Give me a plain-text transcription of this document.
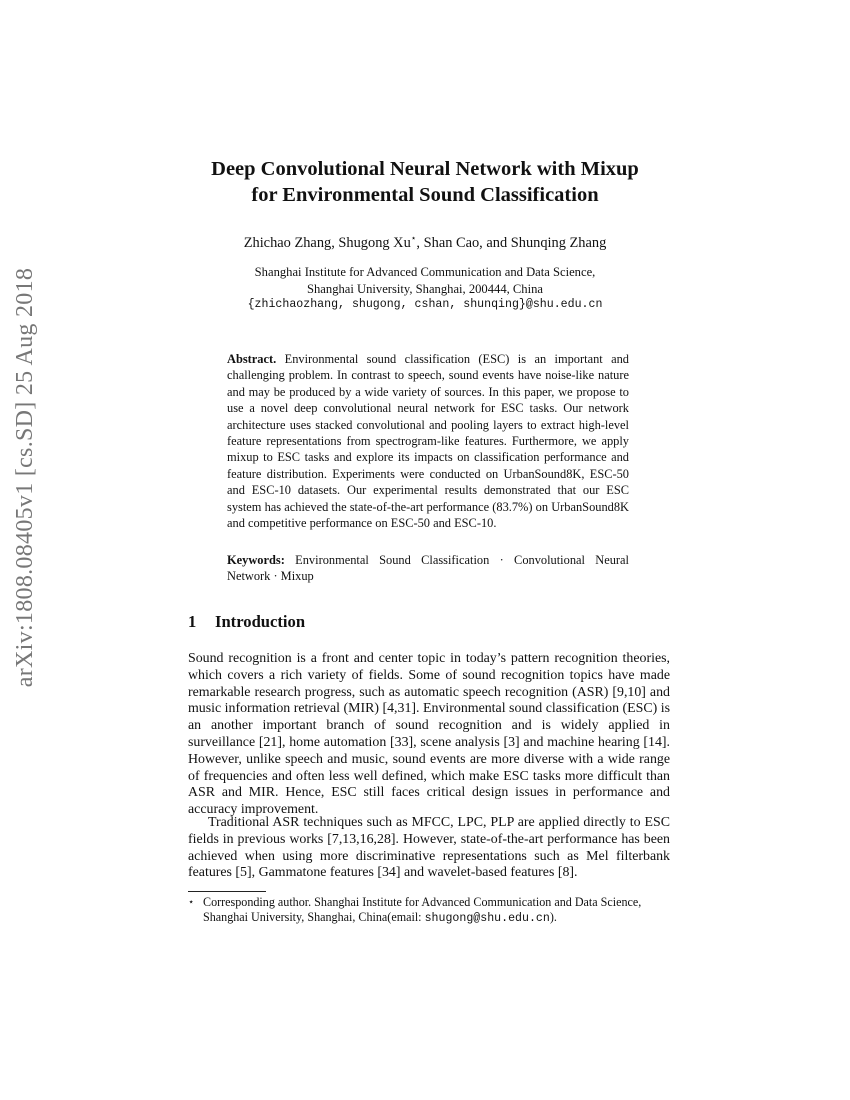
arXiv:1808.08405v1 [cs.SD] 25 Aug 2018
Deep Convolutional Neural Network with Mixup
for Environmental Sound Classification
Zhichao Zhang, Shugong Xu⋆, Shan Cao, and Shunqing Zhang
Shanghai Institute for Advanced Communication and Data Science,
Shanghai University, Shanghai, 200444, China
{zhichaozhang, shugong, cshan, shunqing}@shu.edu.cn
Abstract. Environmental sound classification (ESC) is an important and challenging problem. In contrast to speech, sound events have noise-like nature and may be produced by a wide variety of sources. In this paper, we propose to use a novel deep convolutional neural network for ESC tasks. Our network architecture uses stacked convolutional and pooling layers to extract high-level feature representations from spectrogram-like features. Furthermore, we apply mixup to ESC tasks and explore its impacts on classification performance and feature distribution. Experiments were conducted on UrbanSound8K, ESC-50 and ESC-10 datasets. Our experimental results demonstrated that our ESC system has achieved the state-of-the-art performance (83.7%) on UrbanSound8K and competitive performance on ESC-50 and ESC-10.
Keywords: Environmental Sound Classification · Convolutional Neural Network · Mixup
1 Introduction

Sound recognition is a front and center topic in today’s pattern recognition theories, which covers a rich variety of fields. Some of sound recognition topics have made remarkable research progress, such as automatic speech recognition (ASR) [9,10] and music information retrieval (MIR) [4,31]. Environmental sound classification (ESC) is an another important branch of sound recognition and is widely applied in surveillance [21], home automation [33], scene analysis [3] and machine hearing [14]. However, unlike speech and music, sound events are more diverse with a wide range of frequencies and often less well defined, which make ESC tasks more difficult than ASR and MIR. Hence, ESC still faces critical design issues in performance and accuracy improvement.

Traditional ASR techniques such as MFCC, LPC, PLP are applied directly to ESC fields in previous works [7,13,16,28]. However, state-of-the-art performance has been achieved when using more discriminative representations such as Mel filterbank features [5], Gammatone features [34] and wavelet-based features [8].

⋆ Corresponding author. Shanghai Institute for Advanced Communication and Data Science, Shanghai University, Shanghai, China(email: shugong@shu.edu.cn).
